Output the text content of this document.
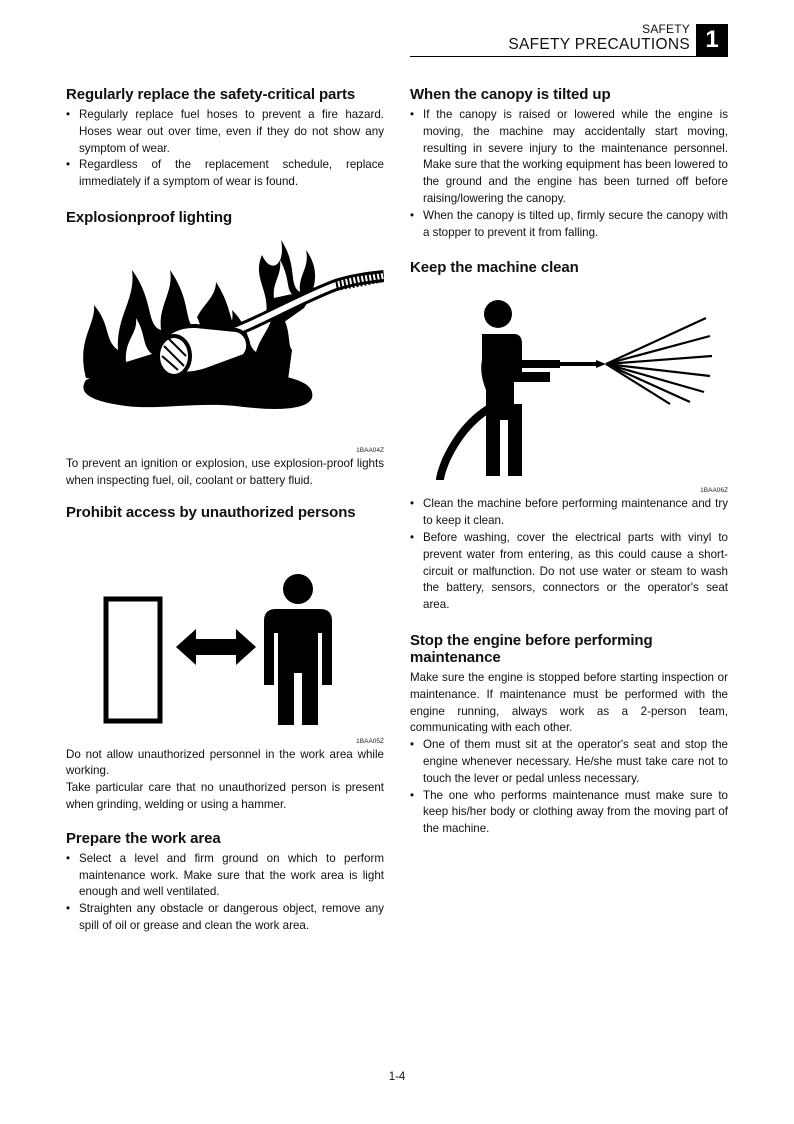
SAFETY
SAFETY PRECAUTIONS 1
Regularly replace the safety-critical parts
• Regularly replace fuel hoses to prevent a fire hazard. Hoses wear out over time, even if they do not show any symptom of wear.
• Regardless of the replacement schedule, replace immediately if a symptom of wear is found.
Explosionproof lighting
1BAA04Z

To prevent an ignition or explosion, use explosion-proof lights when inspecting fuel, oil, coolant or battery fluid.

Prohibit access by unauthorized persons
1BAA05Z

Do not allow unauthorized personnel in the work area while working.

Take particular care that no unauthorized person is present when grinding, welding or using a hammer.

Prepare the work area
• Select a level and firm ground on which to perform maintenance work. Make sure that the work area is light enough and well ventilated.
• Straighten any obstacle or dangerous object, remove any spill of oil or grease and clean the work area.
When the canopy is tilted up
• If the canopy is raised or lowered while the engine is moving, the machine may accidentally start moving, resulting in severe injury to the maintenance personnel. Make sure that the working equipment has been lowered to the ground and the engine has been turned off before raising/lowering the canopy.
• When the canopy is tilted up, firmly secure the canopy with a stopper to prevent it from falling.
Keep the machine clean
1BAA06Z
• Clean the machine before performing maintenance and try to keep it clean.
• Before washing, cover the electrical parts with vinyl to prevent water from entering, as this could cause a short-circuit or malfunction. Do not use water or steam to wash the battery, sensors, connectors or the operator's seat area.
Stop the engine before performing maintenance

Make sure the engine is stopped before starting inspection or maintenance. If maintenance must be performed with the engine running, always work as a 2-person team, communicating with each other.

• One of them must sit at the operator's seat and stop the engine whenever necessary. He/she must take care not to touch the lever or pedal unless necessary.
• The one who performs maintenance must make sure to keep his/her body or clothing away from the moving part of the machine.
1-4
